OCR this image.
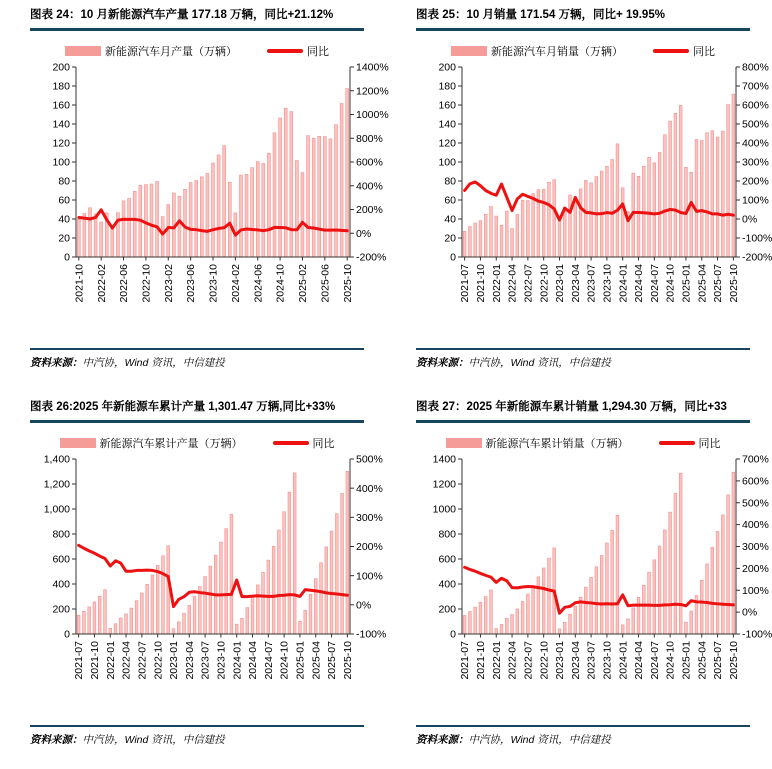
图表 24：10 月新能源汽车产量 177.18 万辆，同比+21.12%
新能源汽车月产量（万辆）	同比
0
20
40
60
80
100
120
140
160
180
200
-200%
0%
200%
400%
600%
800%
1000%
1200%
1400%
2021-10 2022-02 2022-06 2022-10 2023-02 2023-06 2023-10 2024-02 2024-06 2024-10 2025-02 2025-06 2025-10
资料来源：中汽协，Wind 资讯，中信建投
图表 25：10 月销量 171.54 万辆，同比+ 19.95%
新能源汽车月销量（万辆）	同比
0
20
40
60
80
100
120
140
160
180
200
-200%
-100%
0%
100%
200%
300%
400%
500%
600%
700%
800%
2021-07 2021-10 2022-01 2022-04 2022-07 2022-10 2023-01 2023-04 2023-07 2023-10 2024-01 2024-04 2024-07 2024-10 2025-01 2025-04 2025-07 2025-10
资料来源：中汽协，Wind 资讯，中信建投
图表 26:2025 年新能源车累计产量 1,301.47 万辆,同比+33%
新能源汽车累计产量（万辆）	同比
0
200
400
600
800
1,000
1,200
1,400
-100%
0%
100%
200%
300%
400%
500%
2021-07 2021-10 2022-01 2022-04 2022-07 2022-10 2023-01 2023-04 2023-07 2023-10 2024-01 2024-04 2024-07 2024-10 2025-01 2025-04 2025-07 2025-10
资料来源：中汽协，Wind 资讯，中信建投
图表 27：2025 年新能源车累计销量 1,294.30 万辆，同比+33
新能源汽车累计销量（万辆）	同比
0
200
400
600
800
1000
1200
1400
-100%
0%
100%
200%
300%
400%
500%
600%
700%
2021-07 2021-10 2022-01 2022-04 2022-07 2022-10 2023-01 2023-04 2023-07 2023-10 2024-01 2024-04 2024-07 2024-10 2025-01 2025-04 2025-07 2025-10
资料来源：中汽协，Wind 资讯，中信建投
